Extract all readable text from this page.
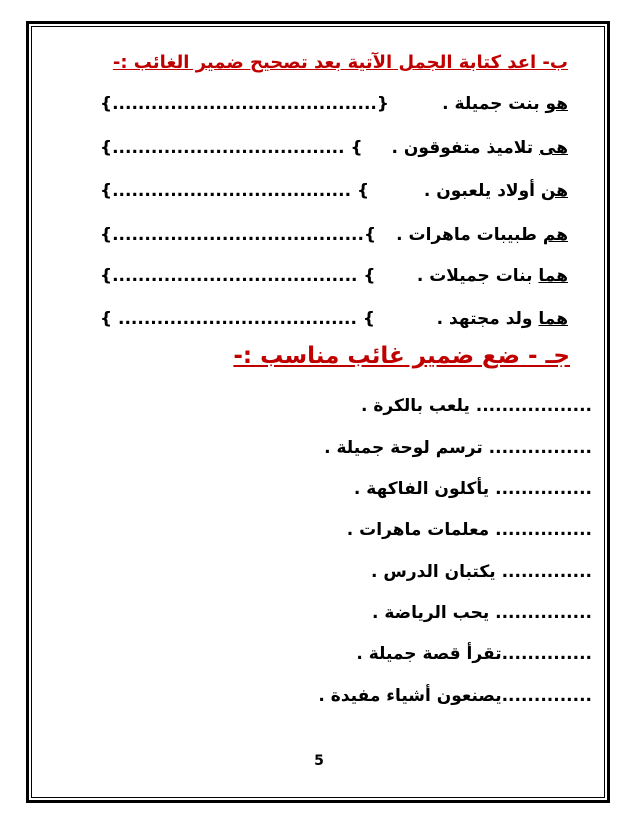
ب- اعد كتابة الجمل الآتية بعد تصحيح ضمير الغائب :-
هو بنت جميلة .
{.........................................}
هى تلاميذ متفوقون .
{.................................... {
هن أولاد يلعبون .
{..................................... {
هم طبيبات ماهرات .
{.......................................{
هما بنات جميلات .
{...................................... {
هما ولد مجتهد .
{ ..................................... {
جـ - ضع ضمير غائب مناسب :-
.................. يلعب بالكرة .
................ ترسم لوحة جميلة .
............... يأكلون الفاكهة .
............... معلمات ماهرات .
.............. يكتبان الدرس .
............... يحب الرياضة .
..............تقرأ قصة جميلة .
..............يصنعون أشياء مفيدة .
5
